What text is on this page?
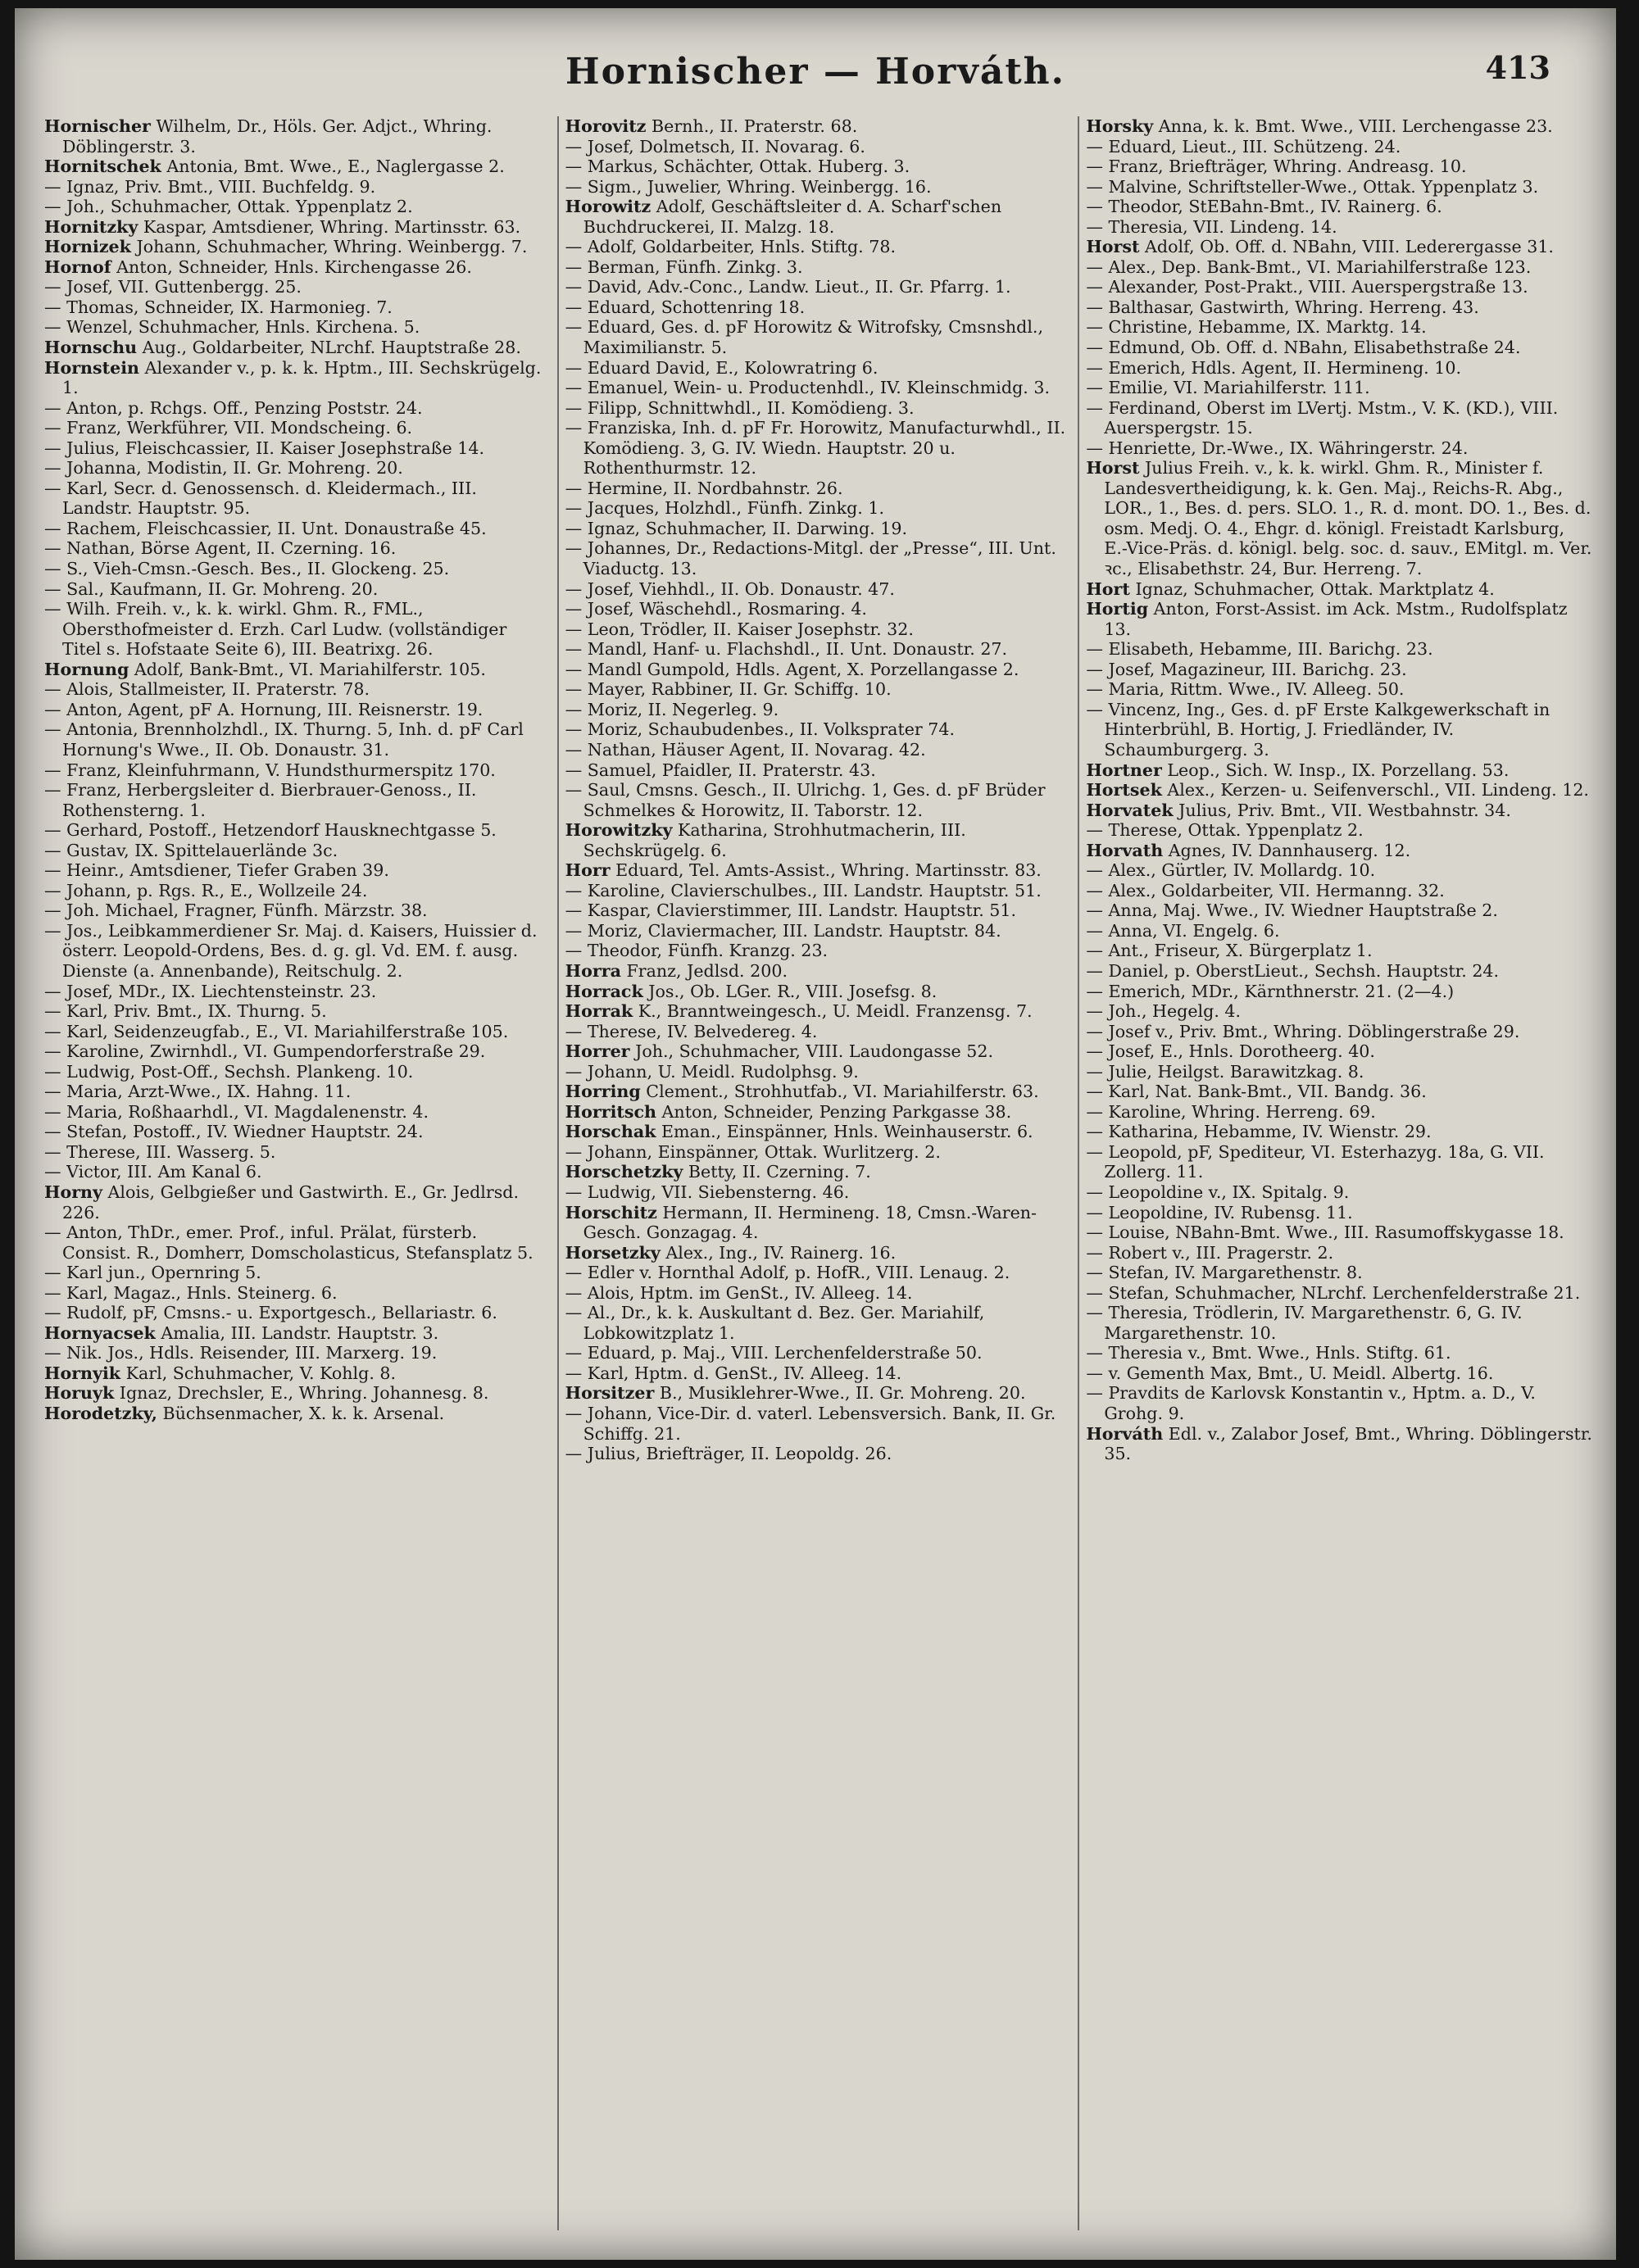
Hornischer — Horváth.	413

Hornischer Wilhelm, Dr., Höls. Ger. Adjct., Whring. Döblingerstr. 3.

Hornitschek Antonia, Bmt. Wwe., E., Naglergasse 2.

— Ignaz, Priv. Bmt., VIII. Buchfeldg. 9.

— Joh., Schuhmacher, Ottak. Yppenplatz 2.

Hornitzky Kaspar, Amtsdiener, Whring. Martinsstr. 63.

Hornizek Johann, Schuhmacher, Whring. Weinbergg. 7.

Hornof Anton, Schneider, Hnls. Kirchengasse 26.

— Josef, VII. Guttenbergg. 25.

— Thomas, Schneider, IX. Harmonieg. 7.

— Wenzel, Schuhmacher, Hnls. Kirchena. 5.

Hornschu Aug., Goldarbeiter, NLrchf. Hauptstraße 28.

Hornstein Alexander v., p. k. k. Hptm., III. Sechskrügelg. 1.

— Anton, p. Rchgs. Off., Penzing Poststr. 24.

— Franz, Werkführer, VII. Mondscheing. 6.

— Julius, Fleischcassier, II. Kaiser Josephstraße 14.

— Johanna, Modistin, II. Gr. Mohreng. 20.

— Karl, Secr. d. Genossensch. d. Kleidermach., III. Landstr. Hauptstr. 95.

— Rachem, Fleischcassier, II. Unt. Donaustraße 45.

— Nathan, Börse Agent, II. Czerning. 16.

— S., Vieh-Cmsn.-Gesch. Bes., II. Glockeng. 25.

— Sal., Kaufmann, II. Gr. Mohreng. 20.

— Wilh. Freih. v., k. k. wirkl. Ghm. R., FML., Obersthofmeister d. Erzh. Carl Ludw. (vollständiger Titel s. Hofstaate Seite 6), III. Beatrixg. 26.

Hornung Adolf, Bank-Bmt., VI. Mariahilferstr. 105.

— Alois, Stallmeister, II. Praterstr. 78.

— Anton, Agent, pF A. Hornung, III. Reisnerstr. 19.

— Antonia, Brennholzhdl., IX. Thurng. 5, Inh. d. pF Carl Hornung's Wwe., II. Ob. Donaustr. 31.

— Franz, Kleinfuhrmann, V. Hundsthurmerspitz 170.

— Franz, Herbergsleiter d. Bierbrauer-Genoss., II. Rothensterng. 1.

— Gerhard, Postoff., Hetzendorf Hausknechtgasse 5.

— Gustav, IX. Spittelauerlände 3c.

— Heinr., Amtsdiener, Tiefer Graben 39.

— Johann, p. Rgs. R., E., Wollzeile 24.

— Joh. Michael, Fragner, Fünfh. Märzstr. 38.

— Jos., Leibkammerdiener Sr. Maj. d. Kaisers, Huissier d. österr. Leopold-Ordens, Bes. d. g. gl. Vd. EM. f. ausg. Dienste (a. Annenbande), Reitschulg. 2.

— Josef, MDr., IX. Liechtensteinstr. 23.

— Karl, Priv. Bmt., IX. Thurng. 5.

— Karl, Seidenzeugfab., E., VI. Mariahilferstraße 105.

— Karoline, Zwirnhdl., VI. Gumpendorferstraße 29.

— Ludwig, Post-Off., Sechsh. Plankeng. 10.

— Maria, Arzt-Wwe., IX. Hahng. 11.

— Maria, Roßhaarhdl., VI. Magdalenenstr. 4.

— Stefan, Postoff., IV. Wiedner Hauptstr. 24.

— Therese, III. Wasserg. 5.

— Victor, III. Am Kanal 6.

Horny Alois, Gelbgießer und Gastwirth. E., Gr. Jedlrsd. 226.

— Anton, ThDr., emer. Prof., inful. Prälat, fürsterb. Consist. R., Domherr, Domscholasticus, Stefansplatz 5.

— Karl jun., Opernring 5.

— Karl, Magaz., Hnls. Steinerg. 6.

— Rudolf, pF, Cmsns.- u. Exportgesch., Bellariastr. 6.

Hornyacsek Amalia, III. Landstr. Hauptstr. 3.

— Nik. Jos., Hdls. Reisender, III. Marxerg. 19.

Hornyik Karl, Schuhmacher, V. Kohlg. 8.

Horuyk Ignaz, Drechsler, E., Whring. Johannesg. 8.

Horodetzky, Büchsenmacher, X. k. k. Arsenal.

Horovitz Bernh., II. Praterstr. 68.

— Josef, Dolmetsch, II. Novarag. 6.

— Markus, Schächter, Ottak. Huberg. 3.

— Sigm., Juwelier, Whring. Weinbergg. 16.

Horowitz Adolf, Geschäftsleiter d. A. Scharf'schen Buchdruckerei, II. Malzg. 18.

— Adolf, Goldarbeiter, Hnls. Stiftg. 78.

— Berman, Fünfh. Zinkg. 3.

— David, Adv.-Conc., Landw. Lieut., II. Gr. Pfarrg. 1.

— Eduard, Schottenring 18.

— Eduard, Ges. d. pF Horowitz & Witrofsky, Cmsnshdl., Maximilianstr. 5.

— Eduard David, E., Kolowratring 6.

— Emanuel, Wein- u. Productenhdl., IV. Kleinschmidg. 3.

— Filipp, Schnittwhdl., II. Komödieng. 3.

— Franziska, Inh. d. pF Fr. Horowitz, Manufacturwhdl., II. Komödieng. 3, G. IV. Wiedn. Hauptstr. 20 u. Rothenthurmstr. 12.

— Hermine, II. Nordbahnstr. 26.

— Jacques, Holzhdl., Fünfh. Zinkg. 1.

— Ignaz, Schuhmacher, II. Darwing. 19.

— Johannes, Dr., Redactions-Mitgl. der „Presse“, III. Unt. Viaductg. 13.

— Josef, Viehhdl., II. Ob. Donaustr. 47.

— Josef, Wäschehdl., Rosmaring. 4.

— Leon, Trödler, II. Kaiser Josephstr. 32.

— Mandl, Hanf- u. Flachshdl., II. Unt. Donaustr. 27.

— Mandl Gumpold, Hdls. Agent, X. Porzellangasse 2.

— Mayer, Rabbiner, II. Gr. Schiffg. 10.

— Moriz, II. Negerleg. 9.

— Moriz, Schaubudenbes., II. Volksprater 74.

— Nathan, Häuser Agent, II. Novarag. 42.

— Samuel, Pfaidler, II. Praterstr. 43.

— Saul, Cmsns. Gesch., II. Ulrichg. 1, Ges. d. pF Brüder Schmelkes & Horowitz, II. Taborstr. 12.

Horowitzky Katharina, Strohhutmacherin, III. Sechskrügelg. 6.

Horr Eduard, Tel. Amts-Assist., Whring. Martinsstr. 83.

— Karoline, Clavierschulbes., III. Landstr. Hauptstr. 51.

— Kaspar, Clavierstimmer, III. Landstr. Hauptstr. 51.

— Moriz, Claviermacher, III. Landstr. Hauptstr. 84.

— Theodor, Fünfh. Kranzg. 23.

Horra Franz, Jedlsd. 200.

Horrack Jos., Ob. LGer. R., VIII. Josefsg. 8.

Horrak K., Branntweingesch., U. Meidl. Franzensg. 7.

— Therese, IV. Belvedereg. 4.

Horrer Joh., Schuhmacher, VIII. Laudongasse 52.

— Johann, U. Meidl. Rudolphsg. 9.

Horring Clement., Strohhutfab., VI. Mariahilferstr. 63.

Horritsch Anton, Schneider, Penzing Parkgasse 38.

Horschak Eman., Einspänner, Hnls. Weinhauserstr. 6.

— Johann, Einspänner, Ottak. Wurlitzerg. 2.

Horschetzky Betty, II. Czerning. 7.

— Ludwig, VII. Siebensterng. 46.

Horschitz Hermann, II. Hermineng. 18, Cmsn.-Waren-Gesch. Gonzagag. 4.

Horsetzky Alex., Ing., IV. Rainerg. 16.

— Edler v. Hornthal Adolf, p. HofR., VIII. Lenaug. 2.

— Alois, Hptm. im GenSt., IV. Alleeg. 14.

— Al., Dr., k. k. Auskultant d. Bez. Ger. Mariahilf, Lobkowitzplatz 1.

— Eduard, p. Maj., VIII. Lerchenfelderstraße 50.

— Karl, Hptm. d. GenSt., IV. Alleeg. 14.

Horsitzer B., Musiklehrer-Wwe., II. Gr. Mohreng. 20.

— Johann, Vice-Dir. d. vaterl. Lebensversich. Bank, II. Gr. Schiffg. 21.

— Julius, Briefträger, II. Leopoldg. 26.

Horsky Anna, k. k. Bmt. Wwe., VIII. Lerchengasse 23.

— Eduard, Lieut., III. Schützeng. 24.

— Franz, Briefträger, Whring. Andreasg. 10.

— Malvine, Schriftsteller-Wwe., Ottak. Yppenplatz 3.

— Theodor, StEBahn-Bmt., IV. Rainerg. 6.

— Theresia, VII. Lindeng. 14.

Horst Adolf, Ob. Off. d. NBahn, VIII. Lederergasse 31.

— Alex., Dep. Bank-Bmt., VI. Mariahilferstraße 123.

— Alexander, Post-Prakt., VIII. Auerspergstraße 13.

— Balthasar, Gastwirth, Whring. Herreng. 43.

— Christine, Hebamme, IX. Marktg. 14.

— Edmund, Ob. Off. d. NBahn, Elisabethstraße 24.

— Emerich, Hdls. Agent, II. Hermineng. 10.

— Emilie, VI. Mariahilferstr. 111.

— Ferdinand, Oberst im LVertj. Mstm., V. K. (KD.), VIII. Auerspergstr. 15.

— Henriette, Dr.-Wwe., IX. Währingerstr. 24.

Horst Julius Freih. v., k. k. wirkl. Ghm. R., Minister f. Landesvertheidigung, k. k. Gen. Maj., Reichs-R. Abg., LOR., 1., Bes. d. pers. SLO. 1., R. d. mont. DO. 1., Bes. d. osm. Medj. O. 4., Ehgr. d. königl. Freistadt Karlsburg, E.-Vice-Präs. d. königl. belg. soc. d. sauv., EMitgl. m. Ver. ꝛc., Elisabethstr. 24, Bur. Herreng. 7.

Hort Ignaz, Schuhmacher, Ottak. Marktplatz 4.

Hortig Anton, Forst-Assist. im Ack. Mstm., Rudolfsplatz 13.

— Elisabeth, Hebamme, III. Barichg. 23.

— Josef, Magazineur, III. Barichg. 23.

— Maria, Rittm. Wwe., IV. Alleeg. 50.

— Vincenz, Ing., Ges. d. pF Erste Kalkgewerkschaft in Hinterbrühl, B. Hortig, J. Friedländer, IV. Schaumburgerg. 3.

Hortner Leop., Sich. W. Insp., IX. Porzellang. 53.

Hortsek Alex., Kerzen- u. Seifenverschl., VII. Lindeng. 12.

Horvatek Julius, Priv. Bmt., VII. Westbahnstr. 34.

— Therese, Ottak. Yppenplatz 2.

Horvath Agnes, IV. Dannhauserg. 12.

— Alex., Gürtler, IV. Mollardg. 10.

— Alex., Goldarbeiter, VII. Hermanng. 32.

— Anna, Maj. Wwe., IV. Wiedner Hauptstraße 2.

— Anna, VI. Engelg. 6.

— Ant., Friseur, X. Bürgerplatz 1.

— Daniel, p. OberstLieut., Sechsh. Hauptstr. 24.

— Emerich, MDr., Kärnthnerstr. 21. (2—4.)

— Joh., Hegelg. 4.

— Josef v., Priv. Bmt., Whring. Döblingerstraße 29.

— Josef, E., Hnls. Dorotheerg. 40.

— Julie, Heilgst. Barawitzkag. 8.

— Karl, Nat. Bank-Bmt., VII. Bandg. 36.

— Karoline, Whring. Herreng. 69.

— Katharina, Hebamme, IV. Wienstr. 29.

— Leopold, pF, Spediteur, VI. Esterhazyg. 18a, G. VII. Zollerg. 11.

— Leopoldine v., IX. Spitalg. 9.

— Leopoldine, IV. Rubensg. 11.

— Louise, NBahn-Bmt. Wwe., III. Rasumoffskygasse 18.

— Robert v., III. Pragerstr. 2.

— Stefan, IV. Margarethenstr. 8.

— Stefan, Schuhmacher, NLrchf. Lerchenfelderstraße 21.

— Theresia, Trödlerin, IV. Margarethenstr. 6, G. IV. Margarethenstr. 10.

— Theresia v., Bmt. Wwe., Hnls. Stiftg. 61.

— v. Gementh Max, Bmt., U. Meidl. Albertg. 16.

— Pravdits de Karlovsk Konstantin v., Hptm. a. D., V. Grohg. 9.

Horváth Edl. v., Zalabor Josef, Bmt., Whring. Döblingerstr. 35.
